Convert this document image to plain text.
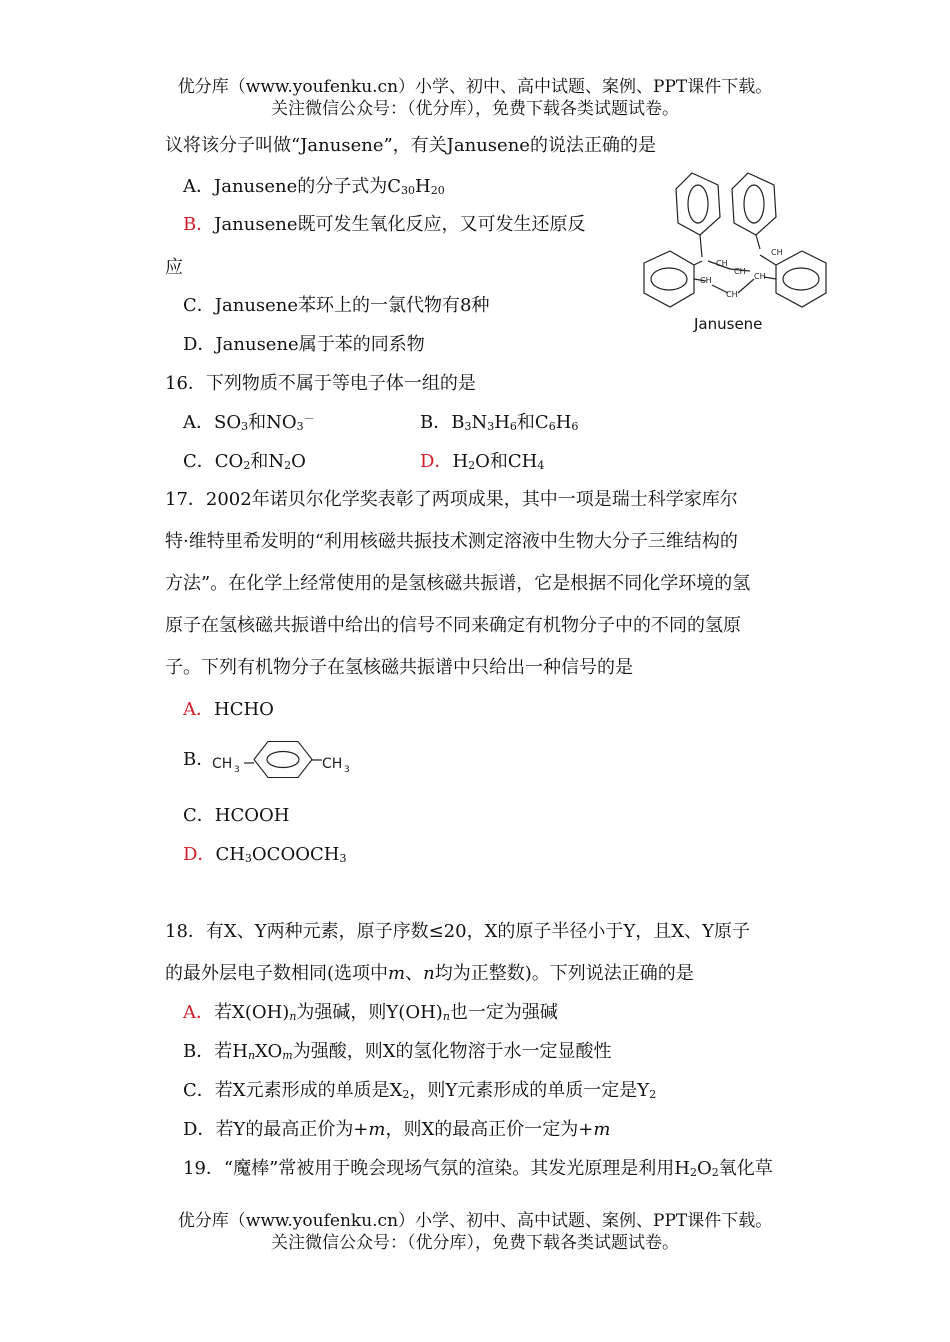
优分库（www.youfenku.cn）小学、初中、高中试题、案例、PPT课件下载。
关注微信公众号：（优分库），免费下载各类试题试卷。
议将该分子叫做“Janusene”，有关Janusene的说法正确的是
A．Janusene的分子式为$C_{30}H_{20}$
B．Janusene既可发生氧化反应，又可发生还原反
应
C．Janusene苯环上的一氯代物有8种
D．Janusene属于苯的同系物
CH
CH
CH
CH
CH
CH
Janusene
16．下列物质不属于等电子体一组的是
A．$SO_3$和$NO_3^-$	B．$B_3N_3H_6$和$C_6H_6$
C．$CO_2$和$N_2O$	D．$H_2O$和$CH_4$
17．2002年诺贝尔化学奖表彰了两项成果，其中一项是瑞士科学家库尔
特·维特里希发明的“利用核磁共振技术测定溶液中生物大分子三维结构的
方法”。在化学上经常使用的是氢核磁共振谱，它是根据不同化学环境的氢
原子在氢核磁共振谱中给出的信号不同来确定有机物分子中的不同的氢原
子。下列有机物分子在氢核磁共振谱中只给出一种信号的是
A．HCHO
B．
CH 3	CH 3
C．HCOOH
D．$CH_3OCOOCH_3$
18．有X、Y两种元素，原子序数≤20，X的原子半径小于Y，且X、Y原子
的最外层电子数相同(选项中m、n均为正整数)。下列说法正确的是
A．若$X(OH)_n$为强碱，则$Y(OH)_n$也一定为强碱
B．若$H_nXO_m$为强酸，则X的氢化物溶于水一定显酸性
C．若X元素形成的单质是$X_2$，则Y元素形成的单质一定是$Y_2$
D．若Y的最高正价为+m，则X的最高正价一定为+m
19．“魔棒”常被用于晚会现场气氛的渲染。其发光原理是利用$H_2O_2$氧化草
优分库（www.youfenku.cn）小学、初中、高中试题、案例、PPT课件下载。
关注微信公众号：（优分库），免费下载各类试题试卷。
